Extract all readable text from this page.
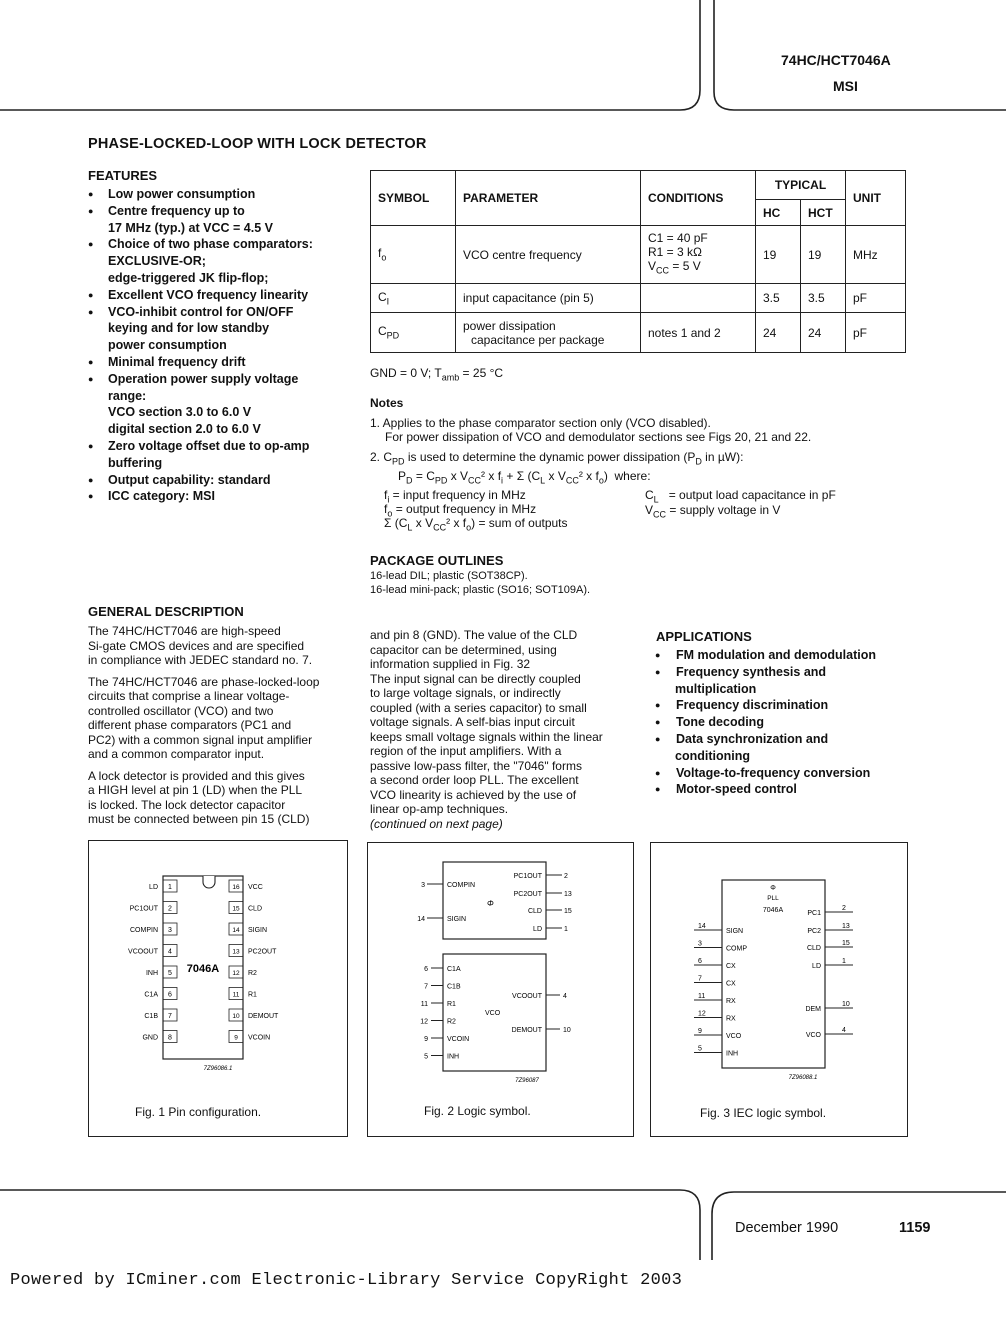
74HC/HCT7046A
MSI
PHASE-LOCKED-LOOP WITH LOCK DETECTOR
FEATURES
● Low power consumption
● Centre frequency up to
17 MHz (typ.) at VCC = 4.5 V
● Choice of two phase comparators:
EXCLUSIVE-OR;
edge-triggered JK flip-flop;
● Excellent VCO frequency linearity
● VCO-inhibit control for ON/OFF
keying and for low standby
power consumption
● Minimal frequency drift
● Operation power supply voltage
range:
VCO section 3.0 to 6.0 V
digital section 2.0 to 6.0 V
● Zero voltage offset due to op-amp
buffering
● Output capability: standard
● ICC category: MSI
SYMBOL	PARAMETER	CONDITIONS	TYPICAL		UNIT
			HC	HCT	
$f_o$	VCO centre frequency	C1 = 40 pF
R1 = 3 kΩ
$V_{CC} = 5$ V	19	19	MHz
$C_I$	input capacitance (pin 5)		3.5	3.5	pF
$C_{PD}$	power dissipation
capacitance per package	notes 1 and 2	24	24	pF
GND = 0 V; $T_{amb} = 25$ °C
Notes
1. Applies to the phase comparator section only (VCO disabled).
For power dissipation of VCO and demodulator sections see Figs 20, 21 and 22.
2. $C_{PD}$ is used to determine the dynamic power dissipation ($P_D$ in µW):
$P_D = C_{PD}$ x $V_{CC}^2$ x $f_i + \Sigma$ ($C_L$ x $V_{CC}^2$ x $f_o$)  where:
$f_i$ = input frequency in MHz
$f_o$ = output frequency in MHz
Σ ($C_L$ x $V_{CC}^2$ x $f_o$) = sum of outputs
$C_L$   = output load capacitance in pF
$V_{CC}$ = supply voltage in V
PACKAGE OUTLINES
16-lead DIL; plastic (SOT38CP).
16-lead mini-pack; plastic (SO16; SOT109A).
GENERAL DESCRIPTION
The 74HC/HCT7046 are high-speed
Si-gate CMOS devices and are specified
in compliance with JEDEC standard no. 7.
The 74HC/HCT7046 are phase-locked-loop
circuits that comprise a linear voltage-
controlled oscillator (VCO) and two
different phase comparators (PC1 and
PC2) with a common signal input amplifier
and a common comparator input.
A lock detector is provided and this gives
a HIGH level at pin 1 (LD) when the PLL
is locked. The lock detector capacitor
must be connected between pin 15 (CLD)
and pin 8 (GND). The value of the CLD
capacitor can be determined, using
information supplied in Fig. 32
The input signal can be directly coupled
to large voltage signals, or indirectly
coupled (with a series capacitor) to small
voltage signals. A self-bias input circuit
keeps small voltage signals within the linear
region of the input amplifiers. With a
passive low-pass filter, the "7046" forms
a second order loop PLL. The excellent
VCO linearity is achieved by the use of
linear op-amp techniques.
(continued on next page)
APPLICATIONS
● FM modulation and demodulation
● Frequency synthesis and
multiplication
● Frequency discrimination
● Tone decoding
● Data synchronization and
conditioning
● Voltage-to-frequency conversion
● Motor-speed control
7046A
1
LD
2
PC1OUT
3
COMPIN
4
VCOOUT
5
INH
6
C1A
7
C1B
8
GND
16 VCC
15 CLD
14 SIGIN
13 PC2OUT
12 R2
11 R1
10 DEMOUT
9 VCOIN
7Z96086.1
Fig. 1 Pin configuration.
Φ
VCO
3	COMPIN
14	SIGIN
2
PC1OUT
13
PC2OUT
15
CLD
1
LD
6	C1A
7	C1B
11	R1
12	R2
9	VCOIN
5	INH
4
VCOOUT
10
DEMOUT
7Z96087
Fig. 2 Logic symbol.
Φ
PLL
7046A
14
SIGN
3
COMP
6
CX
7
CX
11
RX
12
RX
9
VCO
5
INH
2
PC1
13
PC2
15
CLD
1
LD
10
DEM
4
VCO
7Z96088.1
Fig. 3 IEC logic symbol.
December 1990	1159
Powered by ICminer.com Electronic-Library Service CopyRight 2003
